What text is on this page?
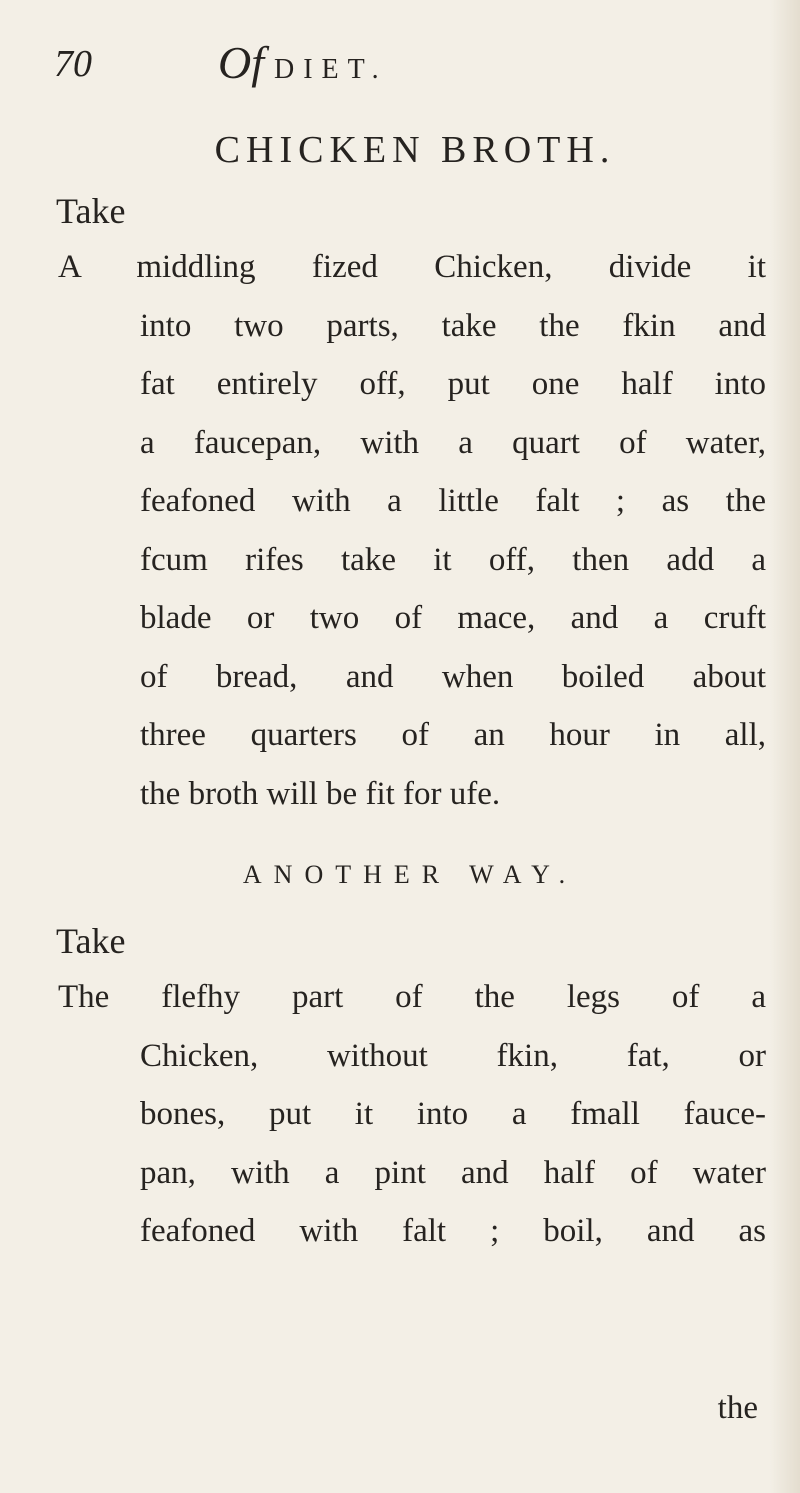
70	Of DIET.
CHICKEN BROTH.
Take
A middling fized Chicken, divide it
into two parts, take the fkin and
fat entirely off, put one half into
a faucepan, with a quart of water,
feafoned with a little falt ; as the
fcum rifes take it off, then add a
blade or two of mace, and a cruft
of bread, and when boiled about
three quarters of an hour in all,
the broth will be fit for ufe.
ANOTHER WAY.
Take
The flefhy part of the legs of a
Chicken, without fkin, fat, or
bones, put it into a fmall fauce-
pan, with a pint and half of water
feafoned with falt ; boil, and as
the
